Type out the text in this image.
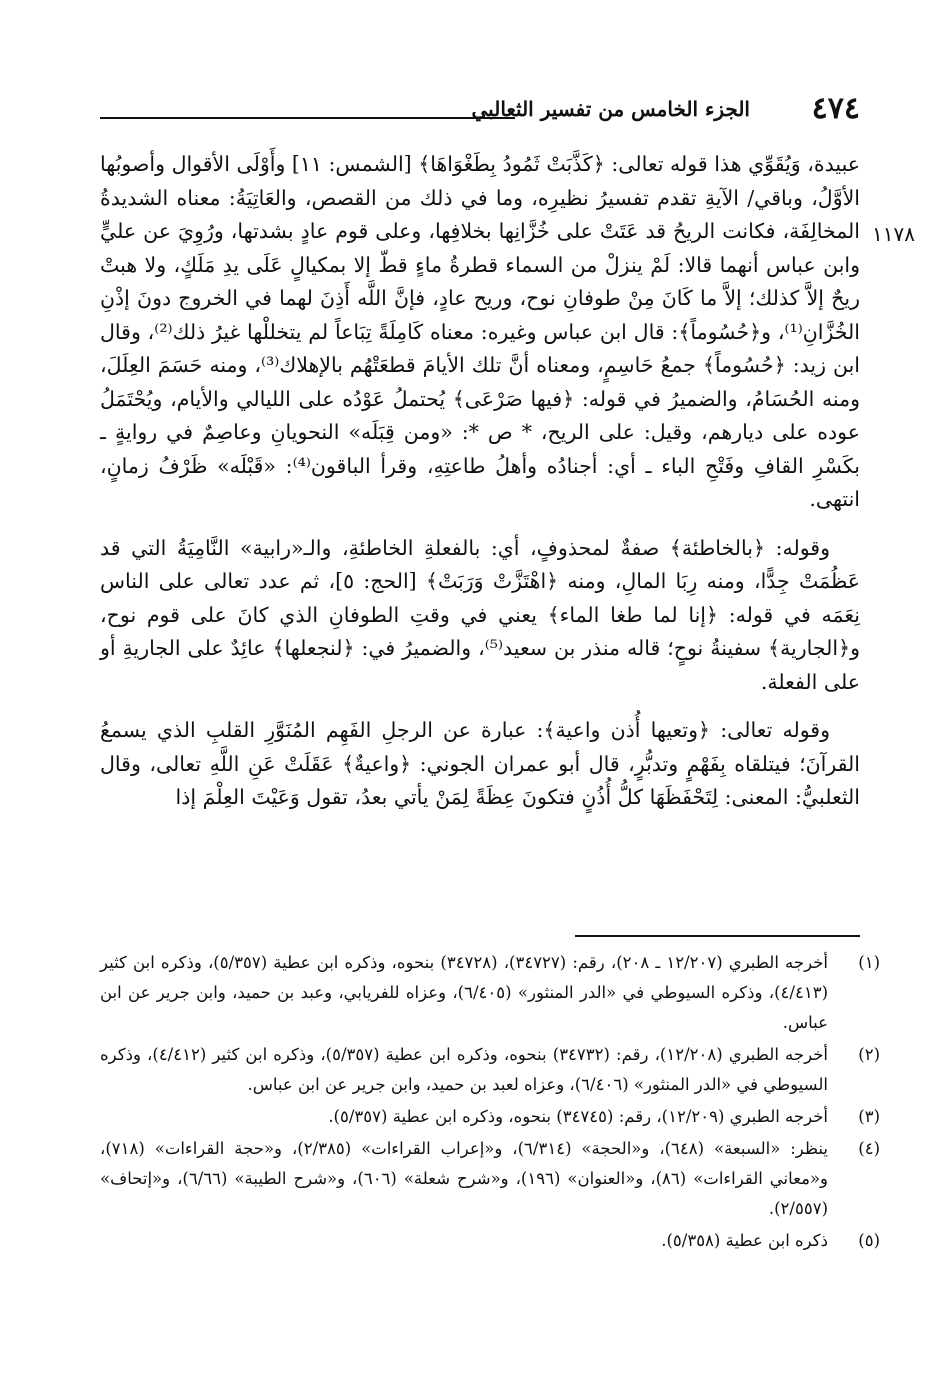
٤٧٤
الجزء الخامس من تفسير الثعالبي
١١٧٨

عبيدة، وَيُقَوِّي هذا قوله تعالى: ﴿كَذَّبَتْ ثَمُودُ بِطَغْوَاهَا﴾ [الشمس: ١١] وأَوْلَى الأقوال وأصوبُها الأوَّلُ، وباقي/ الآيةِ تقدم تفسيرُ نظيرِه، وما في ذلك من القصص، والعَاتِيَةُ: معناه الشديدةُ المخالِفَة، فكانت الريحُ قد عَتَتْ على خُزَّانِها بخلافِها، وعلى قوم عادٍ بشدتها، ورُوِيَ عن عليٍّ وابن عباس أنهما قالا: لَمْ ينزلْ من السماء قطرةُ ماءٍ قطّ إلا بمكيالٍ عَلَى يدِ مَلَكٍ، ولا هبتْ ريحٌ إلاَّ كذلك؛ إلاَّ ما كَانَ مِنْ طوفانِ نوح، وريح عادٍ، فإنَّ اللَّه أَذِنَ لهما في الخروج دونَ إذْنِ الخُزَّانِ⁽¹⁾، و﴿حُسُوماً﴾: قال ابن عباس وغيره: معناه كَامِلَةً تِبَاعاً لم يتخللْها غيرُ ذلك⁽²⁾، وقال ابن زيد: ﴿حُسُوماً﴾ جمعُ حَاسِمٍ، ومعناه أنَّ تلك الأيامَ قطعَتْهُم بالإهلاك⁽³⁾، ومنه حَسَمَ العِلَلَ، ومنه الحُسَامُ، والضميرُ في قوله: ﴿فيها صَرْعَى﴾ يُحتملُ عَوْدُه على الليالي والأيام، ويُحْتَمَلُ عوده على ديارهم، وقيل: على الريح، * ص *: «ومن قِبَلَه» النحويانِ وعاصِمٌ في روايةٍ ـ بكَسْرِ القافِ وفَتْحِ الباء ـ أي: أجنادُه وأهلُ طاعتِهِ، وقرأ الباقون⁽⁴⁾: «قَبْلَه» ظَرْفُ زمانٍ، انتهى.

وقوله: ﴿بالخاطئة﴾ صفةٌ لمحذوفٍ، أي: بالفعلةِ الخاطئةِ، والـ«رابية» النَّامِيَةُ التي قد عَظُمَتْ جِدًّا، ومنه رِبَا المالِ، ومنه ﴿اهْتَزَّتْ وَرَبَتْ﴾ [الحج: ٥]، ثم عدد تعالى على الناس نِعَمَه في قوله: ﴿إنا لما طغا الماء﴾ يعني في وقتِ الطوفانِ الذي كانَ على قوم نوح، و﴿الجارية﴾ سفينةُ نوحٍ؛ قاله منذر بن سعيد⁽⁵⁾، والضميرُ في: ﴿لنجعلها﴾ عائِدٌ على الجاريةِ أو على الفعلة.

وقوله تعالى: ﴿وتعيها أُذن واعية﴾: عبارة عن الرجلِ الفَهِم المُنَوَّرِ القلبِ الذي يسمعُ القرآنَ؛ فيتلقاه بِفَهْمٍ وتدبُّرٍ، قال أبو عمران الجوني: ﴿واعيةٌ﴾ عَقَلَتْ عَنِ اللَّهِ تعالى، وقال الثعلبيُّ: المعنى: لِتَحْفَظَهَا كلُّ أُذُنٍ فتكونَ عِظَةً لِمَنْ يأتي بعدُ، تقول وَعَيْتَ العِلْمَ إذا

(١)
أخرجه الطبري (١٢/٢٠٧ ـ ٢٠٨)، رقم: (٣٤٧٢٧)، (٣٤٧٢٨) بنحوه، وذكره ابن عطية (٥/٣٥٧)، وذكره ابن كثير (٤/٤١٣)، وذكره السيوطي في «الدر المنثور» (٦/٤٠٥)، وعزاه للفريابي، وعبد بن حميد، وابن جرير عن ابن عباس.
(٢)
أخرجه الطبري (١٢/٢٠٨)، رقم: (٣٤٧٣٢) بنحوه، وذكره ابن عطية (٥/٣٥٧)، وذكره ابن كثير (٤/٤١٢)، وذكره السيوطي في «الدر المنثور» (٦/٤٠٦)، وعزاه لعبد بن حميد، وابن جرير عن ابن عباس.
(٣)
أخرجه الطبري (١٢/٢٠٩)، رقم: (٣٤٧٤٥) بنحوه، وذكره ابن عطية (٥/٣٥٧).
(٤)
ينظر: «السبعة» (٦٤٨)، و«الحجة» (٦/٣١٤)، و«إعراب القراءات» (٢/٣٨٥)، و«حجة القراءات» (٧١٨)، و«معاني القراءات» (٨٦)، و«العنوان» (١٩٦)، و«شرح شعلة» (٦٠٦)، و«شرح الطيبة» (٦/٦٦)، و«إتحاف» (٢/٥٥٧).
(٥)
ذكره ابن عطية (٥/٣٥٨).
